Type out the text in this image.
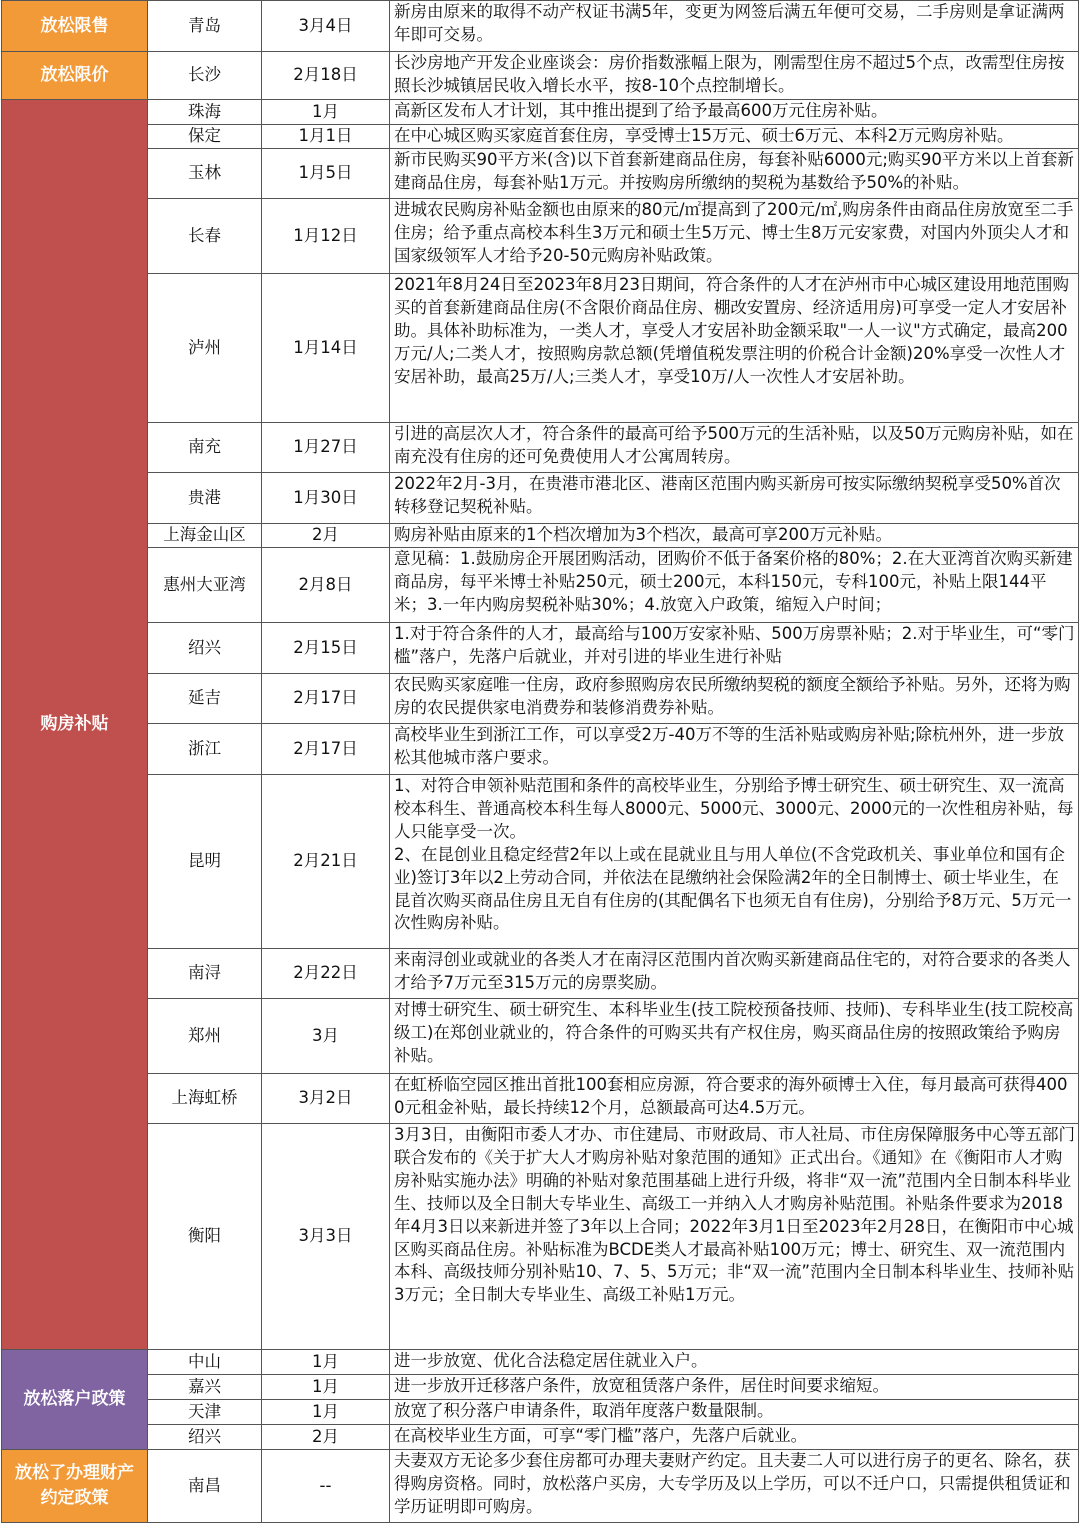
放松限售	青岛	3月4日	新房由原来的取得不动产权证书满5年，变更为网签后满五年便可交易，二手房则是拿证满两年即可交易。
放松限价	长沙	2月18日	长沙房地产开发企业座谈会：房价指数涨幅上限为，刚需型住房不超过5个点，改需型住房按照长沙城镇居民收入增长水平，按8-10个点控制增长。
购房补贴	珠海	1月	高新区发布人才计划，其中推出提到了给予最高600万元住房补贴。
	保定	1月1日	在中心城区购买家庭首套住房，享受博士15万元、硕士6万元、本科2万元购房补贴。
	玉林	1月5日	新市民购买90平方米(含)以下首套新建商品住房，每套补贴6000元;购买90平方米以上首套新建商品住房，每套补贴1万元。并按购房所缴纳的契税为基数给予50%的补贴。
	长春	1月12日	进城农民购房补贴金额也由原来的80元/㎡提高到了200元/㎡,购房条件由商品住房放宽至二手住房；给予重点高校本科生3万元和硕士生5万元、博士生8万元安家费，对国内外顶尖人才和国家级领军人才给予20-50元购房补贴政策。
	泸州	1月14日	2021年8月24日至2023年8月23日期间，符合条件的人才在泸州市中心城区建设用地范围购买的首套新建商品住房(不含限价商品住房、棚改安置房、经济适用房)可享受一定人才安居补助。具体补助标准为，一类人才，享受人才安居补助金额采取"一人一议"方式确定，最高200万元/人;二类人才，按照购房款总额(凭增值税发票注明的价税合计金额)20%享受一次性人才安居补助，最高25万/人;三类人才，享受10万/人一次性人才安居补助。
	南充	1月27日	引进的高层次人才，符合条件的最高可给予500万元的生活补贴，以及50万元购房补贴，如在南充没有住房的还可免费使用人才公寓周转房。
	贵港	1月30日	2022年2月-3月，在贵港市港北区、港南区范围内购买新房可按实际缴纳契税享受50%首次转移登记契税补贴。
	上海金山区	2月	购房补贴由原来的1个档次增加为3个档次，最高可享200万元补贴。
	惠州大亚湾	2月8日	意见稿：1.鼓励房企开展团购活动，团购价不低于备案价格的80%；2.在大亚湾首次购买新建商品房，每平米博士补贴250元，硕士200元，本科150元，专科100元，补贴上限144平米；3.一年内购房契税补贴30%；4.放宽入户政策，缩短入户时间；
	绍兴	2月15日	1.对于符合条件的人才，最高给与100万安家补贴、500万房票补贴；2.对于毕业生，可“零门槛”落户，先落户后就业，并对引进的毕业生进行补贴
	延吉	2月17日	农民购买家庭唯一住房，政府参照购房农民所缴纳契税的额度全额给予补贴。另外，还将为购房的农民提供家电消费券和装修消费券补贴。
	浙江	2月17日	高校毕业生到浙江工作，可以享受2万-40万不等的生活补贴或购房补贴;除杭州外，进一步放松其他城市落户要求。
	昆明	2月21日	1、对符合申领补贴范围和条件的高校毕业生，分别给予博士研究生、硕士研究生、双一流高校本科生、普通高校本科生每人8000元、5000元、3000元、2000元的一次性租房补贴，每人只能享受一次。
2、在昆创业且稳定经营2年以上或在昆就业且与用人单位(不含党政机关、事业单位和国有企业)签订3年以2上劳动合同，并依法在昆缴纳社会保险满2年的全日制博士、硕士毕业生，在昆首次购买商品住房且无自有住房的(其配偶名下也须无自有住房)，分别给予8万元、5万元一次性购房补贴。
	南浔	2月22日	来南浔创业或就业的各类人才在南浔区范围内首次购买新建商品住宅的，对符合要求的各类人才给予7万元至315万元的房票奖励。
	郑州	3月	对博士研究生、硕士研究生、本科毕业生(技工院校预备技师、技师)、专科毕业生(技工院校高级工)在郑创业就业的，符合条件的可购买共有产权住房，购买商品住房的按照政策给予购房补贴。
	上海虹桥	3月2日	在虹桥临空园区推出首批100套相应房源，符合要求的海外硕博士入住，每月最高可获得4000元租金补贴，最长持续12个月，总额最高可达4.5万元。
	衡阳	3月3日	3月3日，由衡阳市委人才办、市住建局、市财政局、市人社局、市住房保障服务中心等五部门联合发布的《关于扩大人才购房补贴对象范围的通知》正式出台。《通知》在《衡阳市人才购房补贴实施办法》明确的补贴对象范围基础上进行升级，将非“双一流”范围内全日制本科毕业生、技师以及全日制大专毕业生、高级工一并纳入人才购房补贴范围。补贴条件要求为2018年4月3日以来新进并签了3年以上合同；2022年3月1日至2023年2月28日，在衡阳市中心城区购买商品住房。补贴标准为BCDE类人才最高补贴100万元；博士、研究生、双一流范围内本科、高级技师分别补贴10、7、5、5万元；非“双一流”范围内全日制本科毕业生、技师补贴3万元；全日制大专毕业生、高级工补贴1万元。
放松落户政策	中山	1月	进一步放宽、优化合法稳定居住就业入户。
	嘉兴	1月	进一步放开迁移落户条件，放宽租赁落户条件，居住时间要求缩短。
	天津	1月	放宽了积分落户申请条件，取消年度落户数量限制。
	绍兴	2月	在高校毕业生方面，可享“零门槛”落户，先落户后就业。
放松了办理财产约定政策	南昌	--	夫妻双方无论多少套住房都可办理夫妻财产约定。且夫妻二人可以进行房子的更名、除名，获得购房资格。同时，放松落户买房，大专学历及以上学历，可以不迁户口，只需提供租赁证和学历证明即可购房。
